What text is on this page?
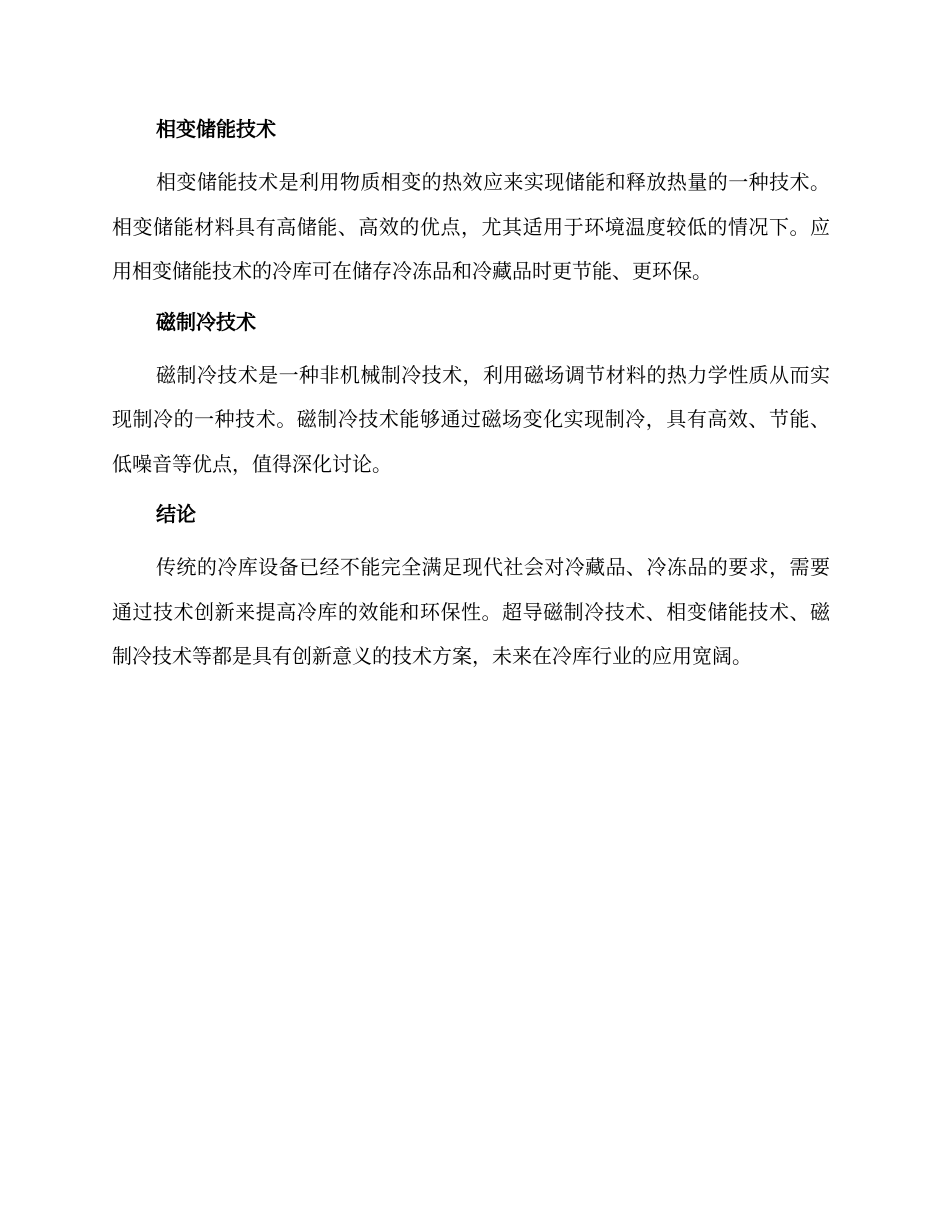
相变储能技术

相变储能技术是利用物质相变的热效应来实现储能和释放热量的一种技术。相变储能材料具有高储能、高效的优点，尤其适用于环境温度较低的情况下。应用相变储能技术的冷库可在储存冷冻品和冷藏品时更节能、更环保。

磁制冷技术

磁制冷技术是一种非机械制冷技术，利用磁场调节材料的热力学性质从而实现制冷的一种技术。磁制冷技术能够通过磁场变化实现制冷，具有高效、节能、低噪音等优点，值得深化讨论。

结论

传统的冷库设备已经不能完全满足现代社会对冷藏品、冷冻品的要求，需要通过技术创新来提高冷库的效能和环保性。超导磁制冷技术、相变储能技术、磁制冷技术等都是具有创新意义的技术方案，未来在冷库行业的应用宽阔。
